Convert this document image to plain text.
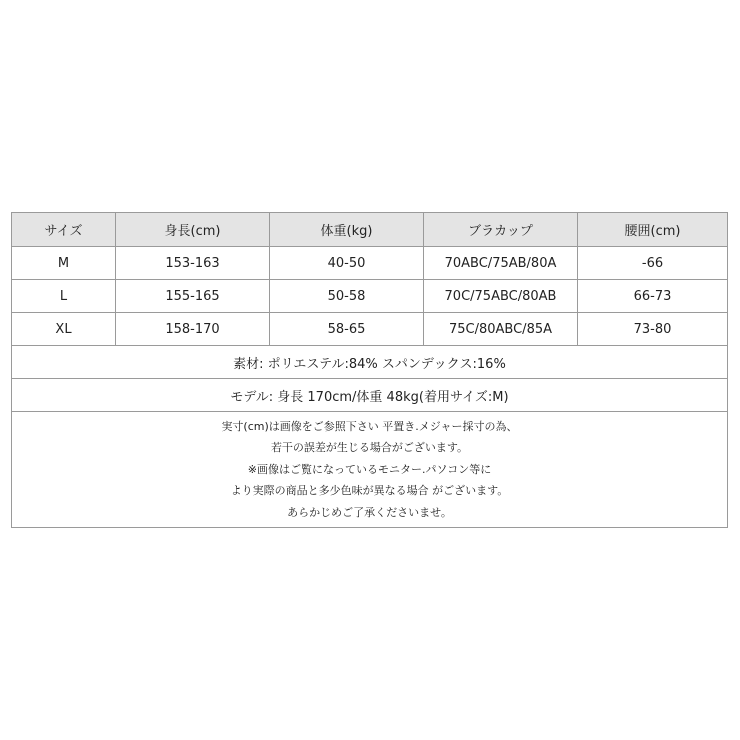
サイズ	身長(cm)	体重(kg)	ブラカップ	腰囲(cm)
M	153-163	40-50	70ABC/75AB/80A	-66
L	155-165	50-58	70C/75ABC/80AB	66-73
XL	158-170	58-65	75C/80ABC/85A	73-80
素材: ポリエステル:84% スパンデックス:16%				
モデル: 身長 170cm/体重 48kg(着用サイズ:M)				

実寸(cm)は画像をご参照下さい 平置き.メジャー採寸の為、
若干の誤差が生じる場合がございます。
※画像はご覧になっているモニター.パソコン等に
より実際の商品と多少色味が異なる場合 がございます。
あらかじめご了承くださいませ。				
